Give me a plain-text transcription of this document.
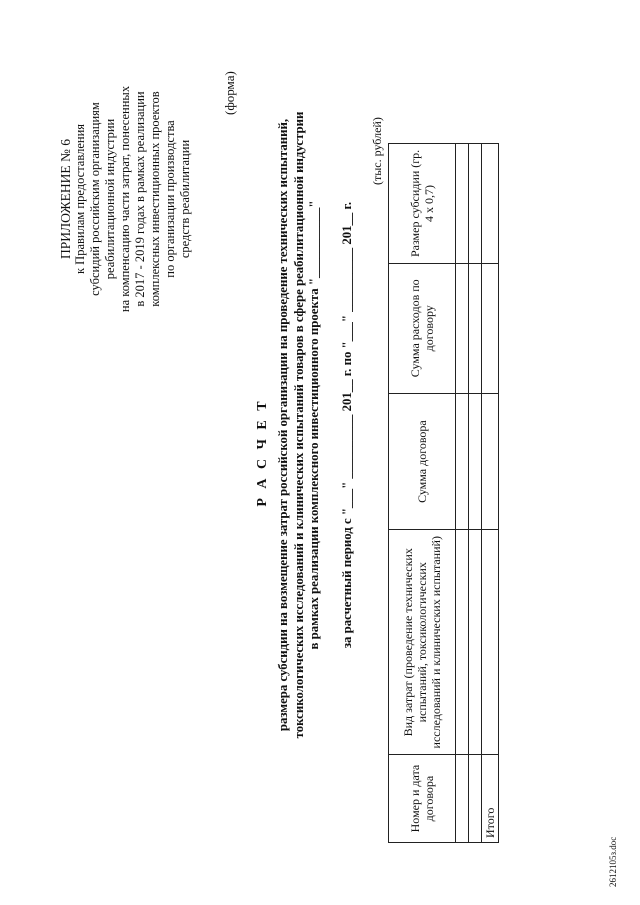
ПРИЛОЖЕНИЕ № 6 к Правилам предоставления субсидий российским организациям реабилитационной индустрии на компенсацию части затрат, понесенных в 2017 - 2019 годах в рамках реализации комплексных инвестиционных проектов по организации производства средств реабилитации
(форма)
Р А С Ч Е Т размера субсидии на возмещение затрат российской организации на проведение технических испытаний, токсикологических исследований и клинических испытаний товаров в сфере реабилитационной индустрии в рамках реализации комплексного инвестиционного проекта "___________" за расчетный период с "___" __________ 201__ г. по "___" __________ 201__ г.
(тыс. рублей)
Номер и дата договора	Вид затрат (проведение технических испытаний, токсикологических исследований и клинических испытаний)	Сумма договора	Сумма расходов по договору	Размер субсидии (гр. 4 х 0,7)

Итого				
2612105з.doc
